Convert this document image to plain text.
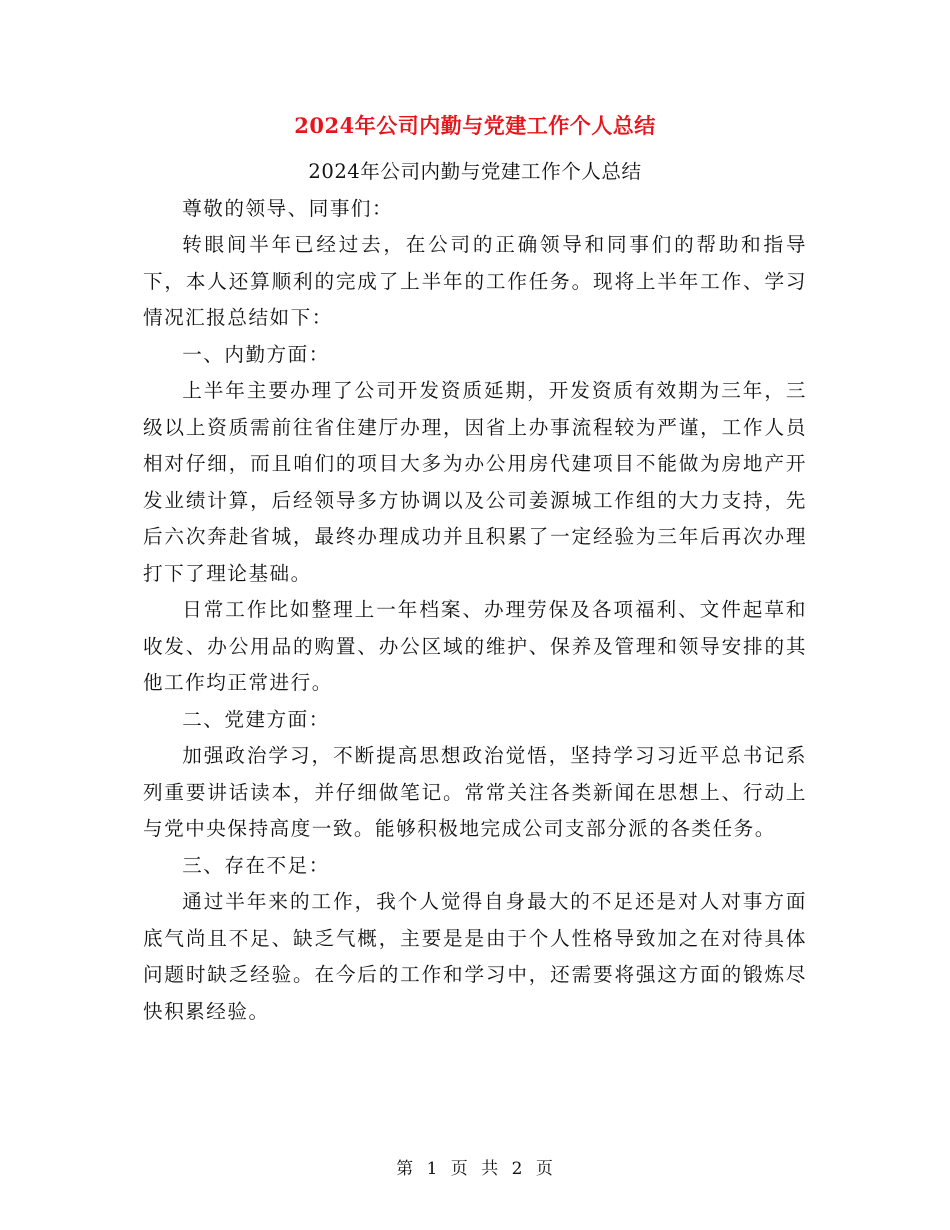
2024年公司内勤与党建工作个人总结

2024年公司内勤与党建工作个人总结

尊敬的领导、同事们：

转眼间半年已经过去，在公司的正确领导和同事们的帮助和指导下，本人还算顺利的完成了上半年的工作任务。现将上半年工作、学习情况汇报总结如下：

一、内勤方面：

上半年主要办理了公司开发资质延期，开发资质有效期为三年，三级以上资质需前往省住建厅办理，因省上办事流程较为严谨，工作人员相对仔细，而且咱们的项目大多为办公用房代建项目不能做为房地产开发业绩计算，后经领导多方协调以及公司姜源城工作组的大力支持，先后六次奔赴省城，最终办理成功并且积累了一定经验为三年后再次办理打下了理论基础。

日常工作比如整理上一年档案、办理劳保及各项福利、文件起草和收发、办公用品的购置、办公区域的维护、保养及管理和领导安排的其他工作均正常进行。

二、党建方面：

加强政治学习，不断提高思想政治觉悟，坚持学习习近平总书记系列重要讲话读本，并仔细做笔记。常常关注各类新闻在思想上、行动上与党中央保持高度一致。能够积极地完成公司支部分派的各类任务。

三、存在不足：

通过半年来的工作，我个人觉得自身最大的不足还是对人对事方面底气尚且不足、缺乏气概，主要是是由于个人性格导致加之在对待具体问题时缺乏经验。在今后的工作和学习中，还需要将强这方面的锻炼尽快积累经验。

第 1 页 共 2 页
